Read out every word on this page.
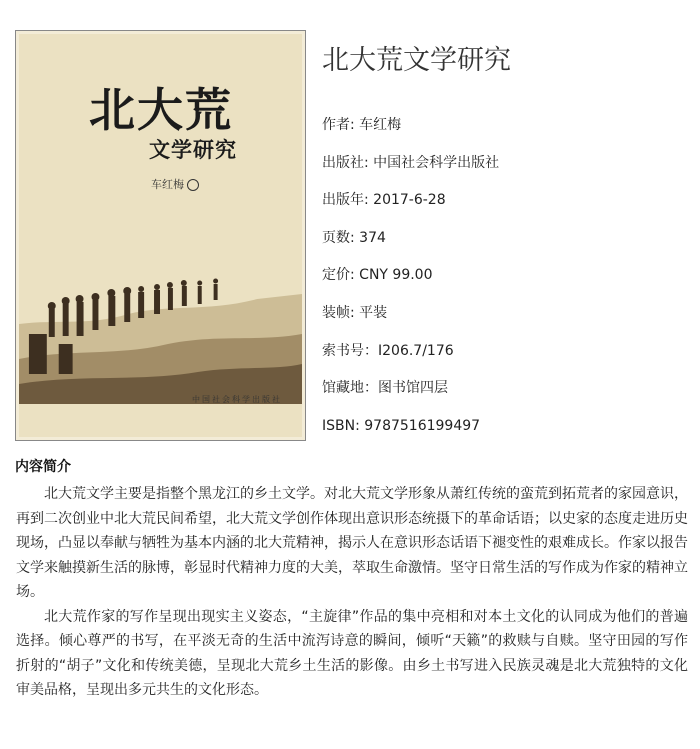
北大荒
文学研究
车红梅
中国社会科学出版社
北大荒文学研究
作者: 车红梅
出版社: 中国社会科学出版社
出版年: 2017-6-28
页数: 374
定价: CNY 99.00
装帧: 平装
索书号：I206.7/176
馆藏地：图书馆四层
ISBN: 9787516199497
内容简介

北大荒文学主要是指整个黑龙江的乡土文学。对北大荒文学形象从萧红传统的蛮荒到拓荒者的家园意识，再到二次创业中北大荒民间希望，北大荒文学创作体现出意识形态统摄下的革命话语；以史家的态度走进历史现场，凸显以奉献与牺牲为基本内涵的北大荒精神，揭示人在意识形态话语下褪变性的艰难成长。作家以报告文学来触摸新生活的脉博，彰显时代精神力度的大美，萃取生命激情。坚守日常生活的写作成为作家的精神立场。

北大荒作家的写作呈现出现实主义姿态，“主旋律”作品的集中亮相和对本土文化的认同成为他们的普遍选择。倾心尊严的书写，在平淡无奇的生活中流泻诗意的瞬间，倾听“天籁”的救赎与自赎。坚守田园的写作折射的“胡子”文化和传统美德，呈现北大荒乡土生活的影像。由乡土书写进入民族灵魂是北大荒独特的文化审美品格，呈现出多元共生的文化形态。
